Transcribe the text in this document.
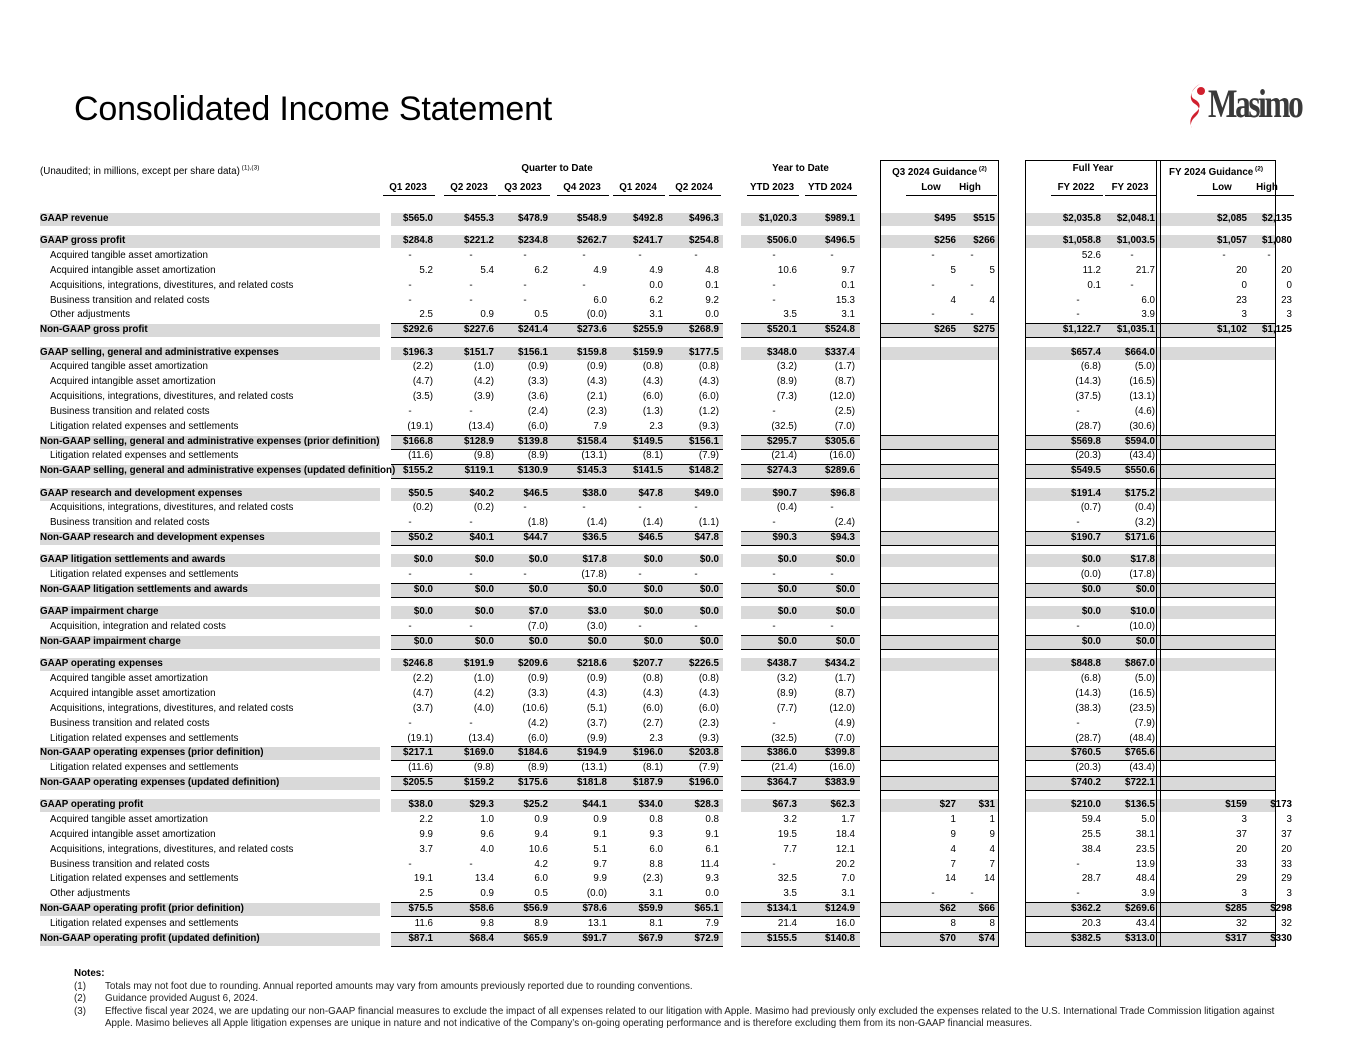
Consolidated Income Statement	Masimo
(Unaudited; in millions, except per share data) $^{(1),(3)}$	Quarter to Date	Year to Date	Q3 2024 Guidance $^{(2)}$	Full Year	FY 2024 Guidance $^{(2)}$
Q1 2023	Q2 2023	Q3 2023	Q4 2023	Q1 2024	Q2 2024	YTD 2023	YTD 2024	Low	High	FY 2022	FY 2023	Low	High
GAAP revenue	$565.0	$455.3	$478.9	$548.9	$492.8	$496.3	$1,020.3	$989.1	$495	$515	$2,035.8	$2,048.1	$2,085	$2,135
GAAP gross profit	$284.8	$221.2	$234.8	$262.7	$241.7	$254.8	$506.0	$496.5	$256	$266	$1,058.8	$1,003.5	$1,057	$1,080
Acquired tangible asset amortization	-	-	-	-	-	-	-	-	-	-	52.6	-	-	-
Acquired intangible asset amortization	5.2	5.4	6.2	4.9	4.9	4.8	10.6	9.7	5	5	11.2	21.7	20	20
Acquisitions, integrations, divestitures, and related costs	-	-	-	-	0.0	0.1	-	0.1	-	-	0.1	-	0	0
Business transition and related costs	-	-	-	6.0	6.2	9.2	-	15.3	4	4	-	6.0	23	23
Other adjustments	2.5	0.9	0.5	(0.0)	3.1	0.0	3.5	3.1	-	-	-	3.9	3	3
Non-GAAP gross profit	$292.6	$227.6	$241.4	$273.6	$255.9	$268.9	$520.1	$524.8	$265	$275	$1,122.7	$1,035.1	$1,102	$1,125
GAAP selling, general and administrative expenses	$196.3	$151.7	$156.1	$159.8	$159.9	$177.5	$348.0	$337.4	$657.4	$664.0
Acquired tangible asset amortization	(2.2)	(1.0)	(0.9)	(0.9)	(0.8)	(0.8)	(3.2)	(1.7)	(6.8)	(5.0)
Acquired intangible asset amortization	(4.7)	(4.2)	(3.3)	(4.3)	(4.3)	(4.3)	(8.9)	(8.7)	(14.3)	(16.5)
Acquisitions, integrations, divestitures, and related costs	(3.5)	(3.9)	(3.6)	(2.1)	(6.0)	(6.0)	(7.3)	(12.0)	(37.5)	(13.1)
Business transition and related costs	-	-	(2.4)	(2.3)	(1.3)	(1.2)	-	(2.5)	-	(4.6)
Litigation related expenses and settlements	(19.1)	(13.4)	(6.0)	7.9	2.3	(9.3)	(32.5)	(7.0)	(28.7)	(30.6)
Non-GAAP selling, general and administrative expenses (prior definition)	$166.8	$128.9	$139.8	$158.4	$149.5	$156.1	$295.7	$305.6	$569.8	$594.0
Litigation related expenses and settlements	(11.6)	(9.8)	(8.9)	(13.1)	(8.1)	(7.9)	(21.4)	(16.0)	(20.3)	(43.4)
Non-GAAP selling, general and administrative expenses (updated definition) $155.2	$119.1	$130.9	$145.3	$141.5	$148.2	$274.3	$289.6	$549.5	$550.6
GAAP research and development expenses	$50.5	$40.2	$46.5	$38.0	$47.8	$49.0	$90.7	$96.8	$191.4	$175.2
Acquisitions, integrations, divestitures, and related costs	(0.2)	(0.2)	-	-	-	-	(0.4)	-	(0.7)	(0.4)
Business transition and related costs	-	-	(1.8)	(1.4)	(1.4)	(1.1)	-	(2.4)	-	(3.2)
Non-GAAP research and development expenses	$50.2	$40.1	$44.7	$36.5	$46.5	$47.8	$90.3	$94.3	$190.7	$171.6
GAAP litigation settlements and awards	$0.0	$0.0	$0.0	$17.8	$0.0	$0.0	$0.0	$0.0	$0.0	$17.8
Litigation related expenses and settlements	-	-	-	(17.8)	-	-	-	-	(0.0)	(17.8)
Non-GAAP litigation settlements and awards	$0.0	$0.0	$0.0	$0.0	$0.0	$0.0	$0.0	$0.0	$0.0	$0.0
GAAP impairment charge	$0.0	$0.0	$7.0	$3.0	$0.0	$0.0	$0.0	$0.0	$0.0	$10.0
Acquisition, integration and related costs	-	-	(7.0)	(3.0)	-	-	-	-	-	(10.0)
Non-GAAP impairment charge	$0.0	$0.0	$0.0	$0.0	$0.0	$0.0	$0.0	$0.0	$0.0	$0.0
GAAP operating expenses	$246.8	$191.9	$209.6	$218.6	$207.7	$226.5	$438.7	$434.2	$848.8	$867.0
Acquired tangible asset amortization	(2.2)	(1.0)	(0.9)	(0.9)	(0.8)	(0.8)	(3.2)	(1.7)	(6.8)	(5.0)
Acquired intangible asset amortization	(4.7)	(4.2)	(3.3)	(4.3)	(4.3)	(4.3)	(8.9)	(8.7)	(14.3)	(16.5)
Acquisitions, integrations, divestitures, and related costs	(3.7)	(4.0)	(10.6)	(5.1)	(6.0)	(6.0)	(7.7)	(12.0)	(38.3)	(23.5)
Business transition and related costs	-	-	(4.2)	(3.7)	(2.7)	(2.3)	-	(4.9)	-	(7.9)
Litigation related expenses and settlements	(19.1)	(13.4)	(6.0)	(9.9)	2.3	(9.3)	(32.5)	(7.0)	(28.7)	(48.4)
Non-GAAP operating expenses (prior definition)	$217.1	$169.0	$184.6	$194.9	$196.0	$203.8	$386.0	$399.8	$760.5	$765.6
Litigation related expenses and settlements	(11.6)	(9.8)	(8.9)	(13.1)	(8.1)	(7.9)	(21.4)	(16.0)	(20.3)	(43.4)
Non-GAAP operating expenses (updated definition)	$205.5	$159.2	$175.6	$181.8	$187.9	$196.0	$364.7	$383.9	$740.2	$722.1
GAAP operating profit	$38.0	$29.3	$25.2	$44.1	$34.0	$28.3	$67.3	$62.3	$27	$31	$210.0	$136.5	$159	$173
Acquired tangible asset amortization	2.2	1.0	0.9	0.9	0.8	0.8	3.2	1.7	1	1	59.4	5.0	3	3
Acquired intangible asset amortization	9.9	9.6	9.4	9.1	9.3	9.1	19.5	18.4	9	9	25.5	38.1	37	37
Acquisitions, integrations, divestitures, and related costs	3.7	4.0	10.6	5.1	6.0	6.1	7.7	12.1	4	4	38.4	23.5	20	20
Business transition and related costs	-	-	4.2	9.7	8.8	11.4	-	20.2	7	7	-	13.9	33	33
Litigation related expenses and settlements	19.1	13.4	6.0	9.9	(2.3)	9.3	32.5	7.0	14	14	28.7	48.4	29	29
Other adjustments	2.5	0.9	0.5	(0.0)	3.1	0.0	3.5	3.1	-	-	-	3.9	3	3
Non-GAAP operating profit (prior definition)	$75.5	$58.6	$56.9	$78.6	$59.9	$65.1	$134.1	$124.9	$62	$66	$362.2	$269.6	$285	$298
Litigation related expenses and settlements	11.6	9.8	8.9	13.1	8.1	7.9	21.4	16.0	8	8	20.3	43.4	32	32
Non-GAAP operating profit (updated definition)	$87.1	$68.4	$65.9	$91.7	$67.9	$72.9	$155.5	$140.8	$70	$74	$382.5	$313.0	$317	$330
Notes:
(1) Totals may not foot due to rounding. Annual reported amounts may vary from amounts previously reported due to rounding conventions.
(2) Guidance provided August 6, 2024.
(3) Effective fiscal year 2024, we are updating our non-GAAP financial measures to exclude the impact of all expenses related to our litigation with Apple. Masimo had previously only excluded the expenses related to the U.S. International Trade Commission litigation against Apple. Masimo believes all Apple litigation expenses are unique in nature and not indicative of the Company’s on-going operating performance and is therefore excluding them from its non-GAAP financial measures.
